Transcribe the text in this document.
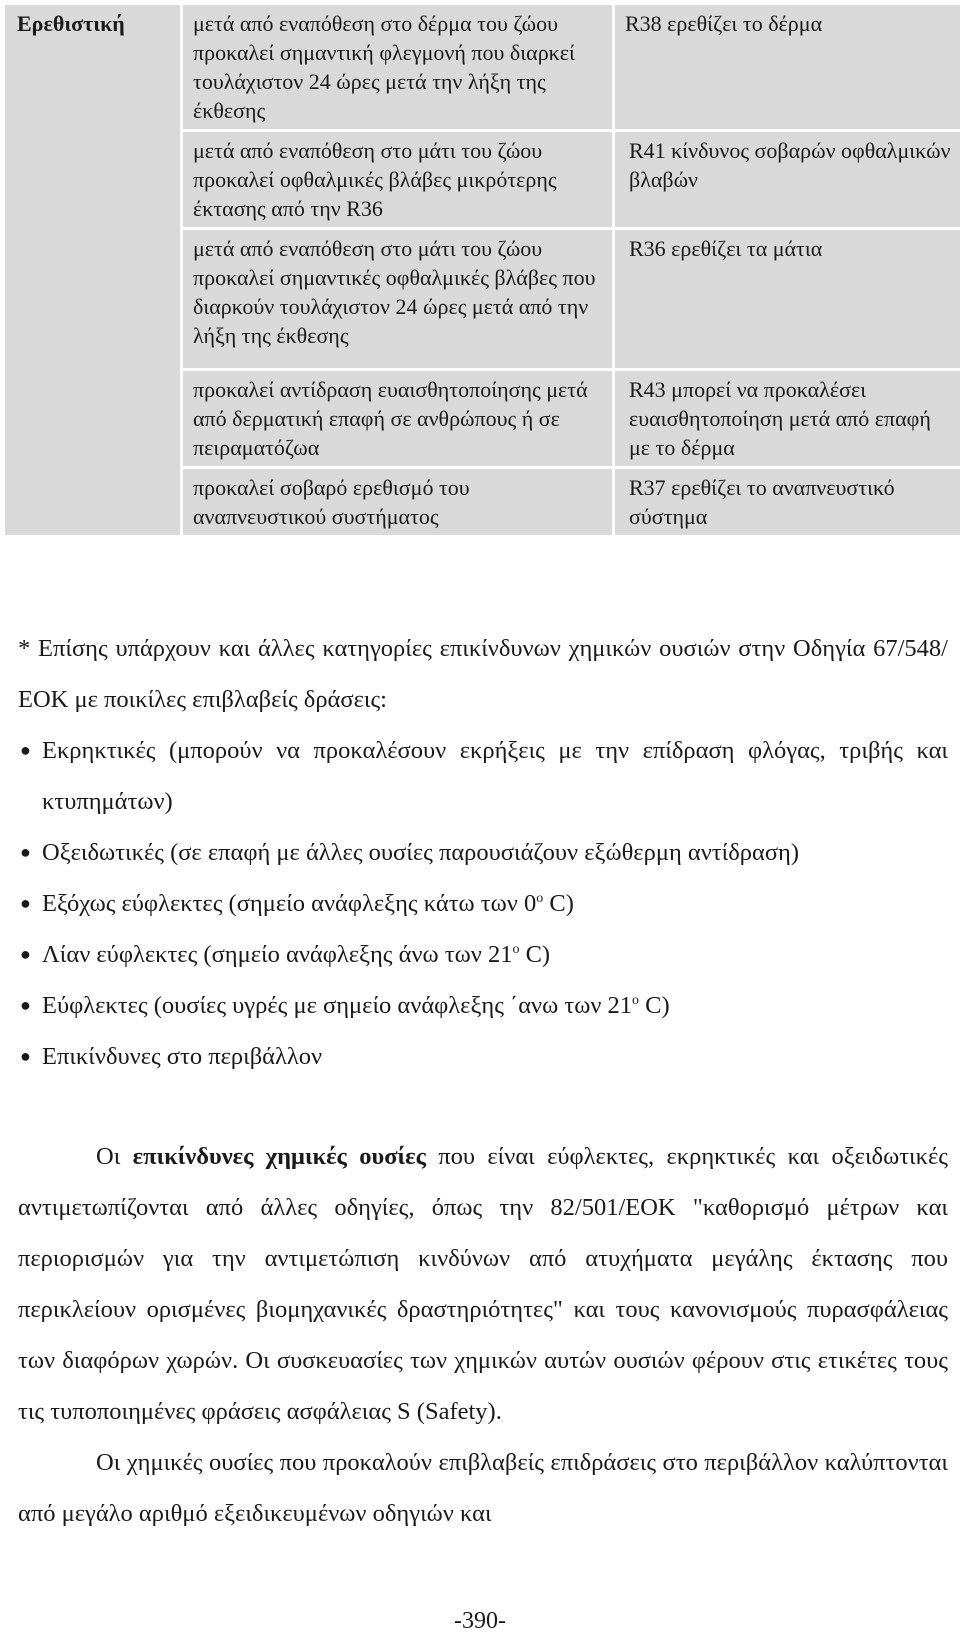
Ερεθιστική	μετά από εναπόθεση στο δέρμα του ζώου προκαλεί σημαντική φλεγμονή που διαρκεί τουλάχιστον 24 ώρες μετά την λήξη της έκθεσης	R38 ερεθίζει το δέρμα
	μετά από εναπόθεση στο μάτι του ζώου προκαλεί οφθαλμικές βλάβες μικρότερης έκτασης από την R36	R41 κίνδυνος σοβαρών οφθαλμικών βλαβών
	μετά από εναπόθεση στο μάτι του ζώου προκαλεί σημαντικές οφθαλμικές βλάβες που διαρκούν τουλάχιστον 24 ώρες μετά από την λήξη της έκθεσης	R36 ερεθίζει τα μάτια
	προκαλεί αντίδραση ευαισθητοποίησης μετά από δερματική επαφή σε ανθρώπους ή σε πειραματόζωα	R43 μπορεί να προκαλέσει ευαισθητοποίηση μετά από επαφή με το δέρμα
	προκαλεί σοβαρό ερεθισμό του αναπνευστικού συστήματος	R37 ερεθίζει το αναπνευστικό σύστημα

* Επίσης υπάρχουν και άλλες κατηγορίες επικίνδυνων χημικών ουσιών στην Οδηγία 67/548/ΕΟΚ με ποικίλες επιβλαβείς δράσεις:

● Εκρηκτικές (μπορούν να προκαλέσουν εκρήξεις με την επίδραση φλόγας, τριβής και κτυπημάτων)
● Οξειδωτικές (σε επαφή με άλλες ουσίες παρουσιάζουν εξώθερμη αντίδραση)
● Εξόχως εύφλεκτες (σημείο ανάφλεξης κάτω των $0^o$ C)
● Λίαν εύφλεκτες (σημείο ανάφλεξης άνω των $21^o$ C)
● Εύφλεκτες (ουσίες υγρές με σημείο ανάφλεξης ΄ανω των $21^o$ C)
● Επικίνδυνες στο περιβάλλον

Οι επικίνδυνες χημικές ουσίες που είναι εύφλεκτες, εκρηκτικές και οξειδωτικές αντιμετωπίζονται από άλλες οδηγίες, όπως την 82/501/ΕΟΚ "καθορισμό μέτρων και περιορισμών για την αντιμετώπιση κινδύνων από ατυχήματα μεγάλης έκτασης που περικλείουν ορισμένες βιομηχανικές δραστηριότητες" και τους κανονισμούς πυρασφάλειας των διαφόρων χωρών. Οι συσκευασίες των χημικών αυτών ουσιών φέρουν στις ετικέτες τους τις τυποποιημένες φράσεις ασφάλειας S (Safety).

Οι χημικές ουσίες που προκαλούν επιβλαβείς επιδράσεις στο περιβάλλον καλύπτονται από μεγάλο αριθμό εξειδικευμένων οδηγιών και

-390-
